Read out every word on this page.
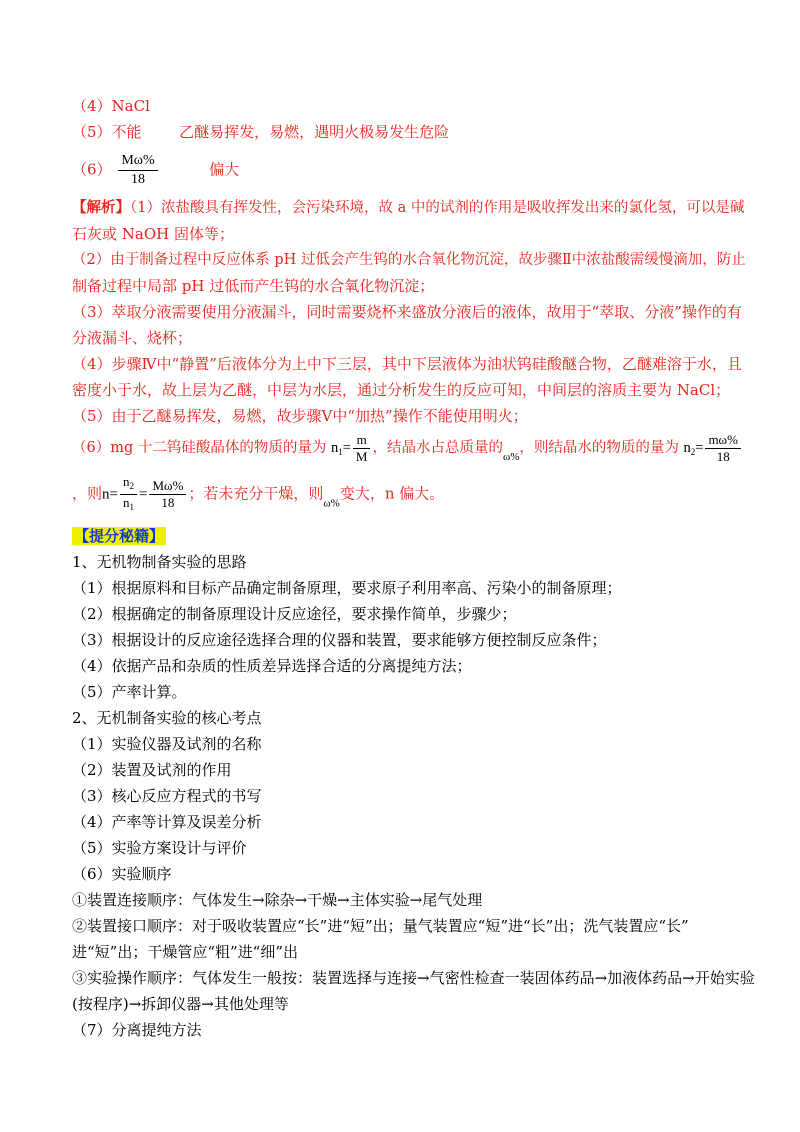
（4）NaCl
（5）不能	乙醚易挥发，易燃，遇明火极易发生危险
$(6) \frac{M\omega\%}{18}$	偏大
【解析】（1）浓盐酸具有挥发性，会污染环境，故 a 中的试剂的作用是吸收挥发出来的氯化氢，可以是碱
石灰或 NaOH 固体等；
（2）由于制备过程中反应体系 pH 过低会产生钨的水合氧化物沉淀，故步骤Ⅱ中浓盐酸需缓慢滴加，防止
制备过程中局部 pH 过低而产生钨的水合氧化物沉淀；
（3）萃取分液需要使用分液漏斗，同时需要烧杯来盛放分液后的液体，故用于“萃取、分液”操作的有
分液漏斗、烧杯；
（4）步骤Ⅳ中“静置”后液体分为上中下三层，其中下层液体为油状钨硅酸醚合物，乙醚难溶于水，且
密度小于水，故上层为乙醚，中层为水层，通过分析发生的反应可知，中间层的溶质主要为 NaCl；
（5）由于乙醚易挥发，易燃，故步骤Ⅴ中“加热”操作不能使用明火；
（6）mg 十二钨硅酸晶体的物质的量为 $n_1= \frac{m}{M}$ ，结晶水占总质量的$_{\omega\%}$，则结晶水的物质的量为 $n_2= \frac{m\omega\%}{18}$
，则$n= \frac{n_2}{n_1} = \frac{M\omega\%}{18}$ ；若未充分干燥，则$_{\omega\%}$变大，n 偏大。
【提分秘籍】
1、无机物制备实验的思路
（1）根据原料和目标产品确定制备原理，要求原子利用率高、污染小的制备原理；
（2）根据确定的制备原理设计反应途径，要求操作简单，步骤少；
（3）根据设计的反应途径选择合理的仪器和装置，要求能够方便控制反应条件；
（4）依据产品和杂质的性质差异选择合适的分离提纯方法；
（5）产率计算。
2、无机制备实验的核心考点
（1）实验仪器及试剂的名称
（2）装置及试剂的作用
（3）核心反应方程式的书写
（4）产率等计算及误差分析
（5）实验方案设计与评价
（6）实验顺序
①装置连接顺序：气体发生→除杂→干燥→主体实验→尾气处理
②装置接口顺序：对于吸收装置应“长”进“短”出；量气装置应“短”进“长”出；洗气装置应“长”
进“短”出；干燥管应“粗”进“细”出
③实验操作顺序：气体发生一般按：装置选择与连接→气密性检查一装固体药品→加液体药品→开始实验
(按程序)→拆卸仪器→其他处理等
（7）分离提纯方法
